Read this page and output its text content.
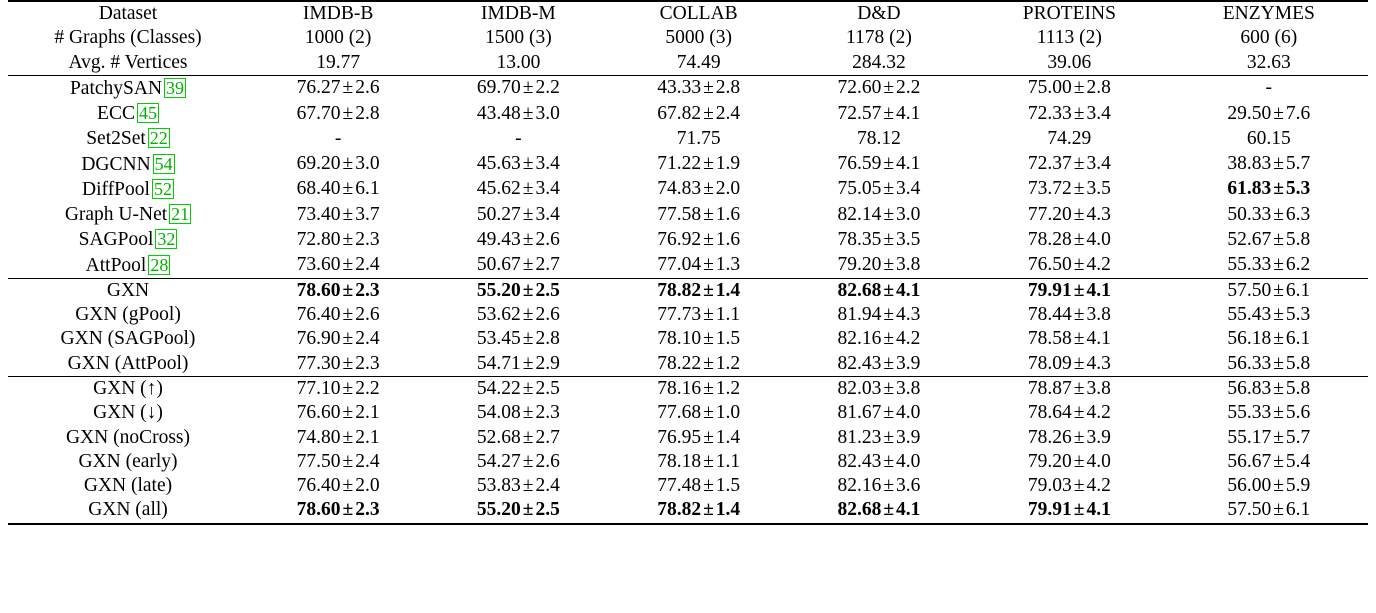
Dataset	IMDB-B	IMDB-M	COLLAB	D&D	PROTEINS	ENZYMES
# Graphs (Classes)	1000 (2)	1500 (3)	5000 (3)	1178 (2)	1113 (2)	600 (6)
Avg. # Vertices	19.77	13.00	74.49	284.32	39.06	32.63
PatchySAN 39	76.27 ± 2.6	69.70 ± 2.2	43.33 ± 2.8	72.60 ± 2.2	75.00 ± 2.8	-
ECC 45	67.70 ± 2.8	43.48 ± 3.0	67.82 ± 2.4	72.57 ± 4.1	72.33 ± 3.4	29.50 ± 7.6
Set2Set 22	-	-	71.75	78.12	74.29	60.15
DGCNN 54	69.20 ± 3.0	45.63 ± 3.4	71.22 ± 1.9	76.59 ± 4.1	72.37 ± 3.4	38.83 ± 5.7
DiffPool 52	68.40 ± 6.1	45.62 ± 3.4	74.83 ± 2.0	75.05 ± 3.4	73.72 ± 3.5	61.83 ± 5.3
Graph U-Net 21	73.40 ± 3.7	50.27 ± 3.4	77.58 ± 1.6	82.14 ± 3.0	77.20 ± 4.3	50.33 ± 6.3
SAGPool 32	72.80 ± 2.3	49.43 ± 2.6	76.92 ± 1.6	78.35 ± 3.5	78.28 ± 4.0	52.67 ± 5.8
AttPool 28	73.60 ± 2.4	50.67 ± 2.7	77.04 ± 1.3	79.20 ± 3.8	76.50 ± 4.2	55.33 ± 6.2
GXN	78.60 ± 2.3	55.20 ± 2.5	78.82 ± 1.4	82.68 ± 4.1	79.91 ± 4.1	57.50 ± 6.1
GXN (gPool)	76.40 ± 2.6	53.62 ± 2.6	77.73 ± 1.1	81.94 ± 4.3	78.44 ± 3.8	55.43 ± 5.3
GXN (SAGPool)	76.90 ± 2.4	53.45 ± 2.8	78.10 ± 1.5	82.16 ± 4.2	78.58 ± 4.1	56.18 ± 6.1
GXN (AttPool)	77.30 ± 2.3	54.71 ± 2.9	78.22 ± 1.2	82.43 ± 3.9	78.09 ± 4.3	56.33 ± 5.8
GXN (↑)	77.10 ± 2.2	54.22 ± 2.5	78.16 ± 1.2	82.03 ± 3.8	78.87 ± 3.8	56.83 ± 5.8
GXN (↓)	76.60 ± 2.1	54.08 ± 2.3	77.68 ± 1.0	81.67 ± 4.0	78.64 ± 4.2	55.33 ± 5.6
GXN (noCross)	74.80 ± 2.1	52.68 ± 2.7	76.95 ± 1.4	81.23 ± 3.9	78.26 ± 3.9	55.17 ± 5.7
GXN (early)	77.50 ± 2.4	54.27 ± 2.6	78.18 ± 1.1	82.43 ± 4.0	79.20 ± 4.0	56.67 ± 5.4
GXN (late)	76.40 ± 2.0	53.83 ± 2.4	77.48 ± 1.5	82.16 ± 3.6	79.03 ± 4.2	56.00 ± 5.9
GXN (all)	78.60 ± 2.3	55.20 ± 2.5	78.82 ± 1.4	82.68 ± 4.1	79.91 ± 4.1	57.50 ± 6.1
